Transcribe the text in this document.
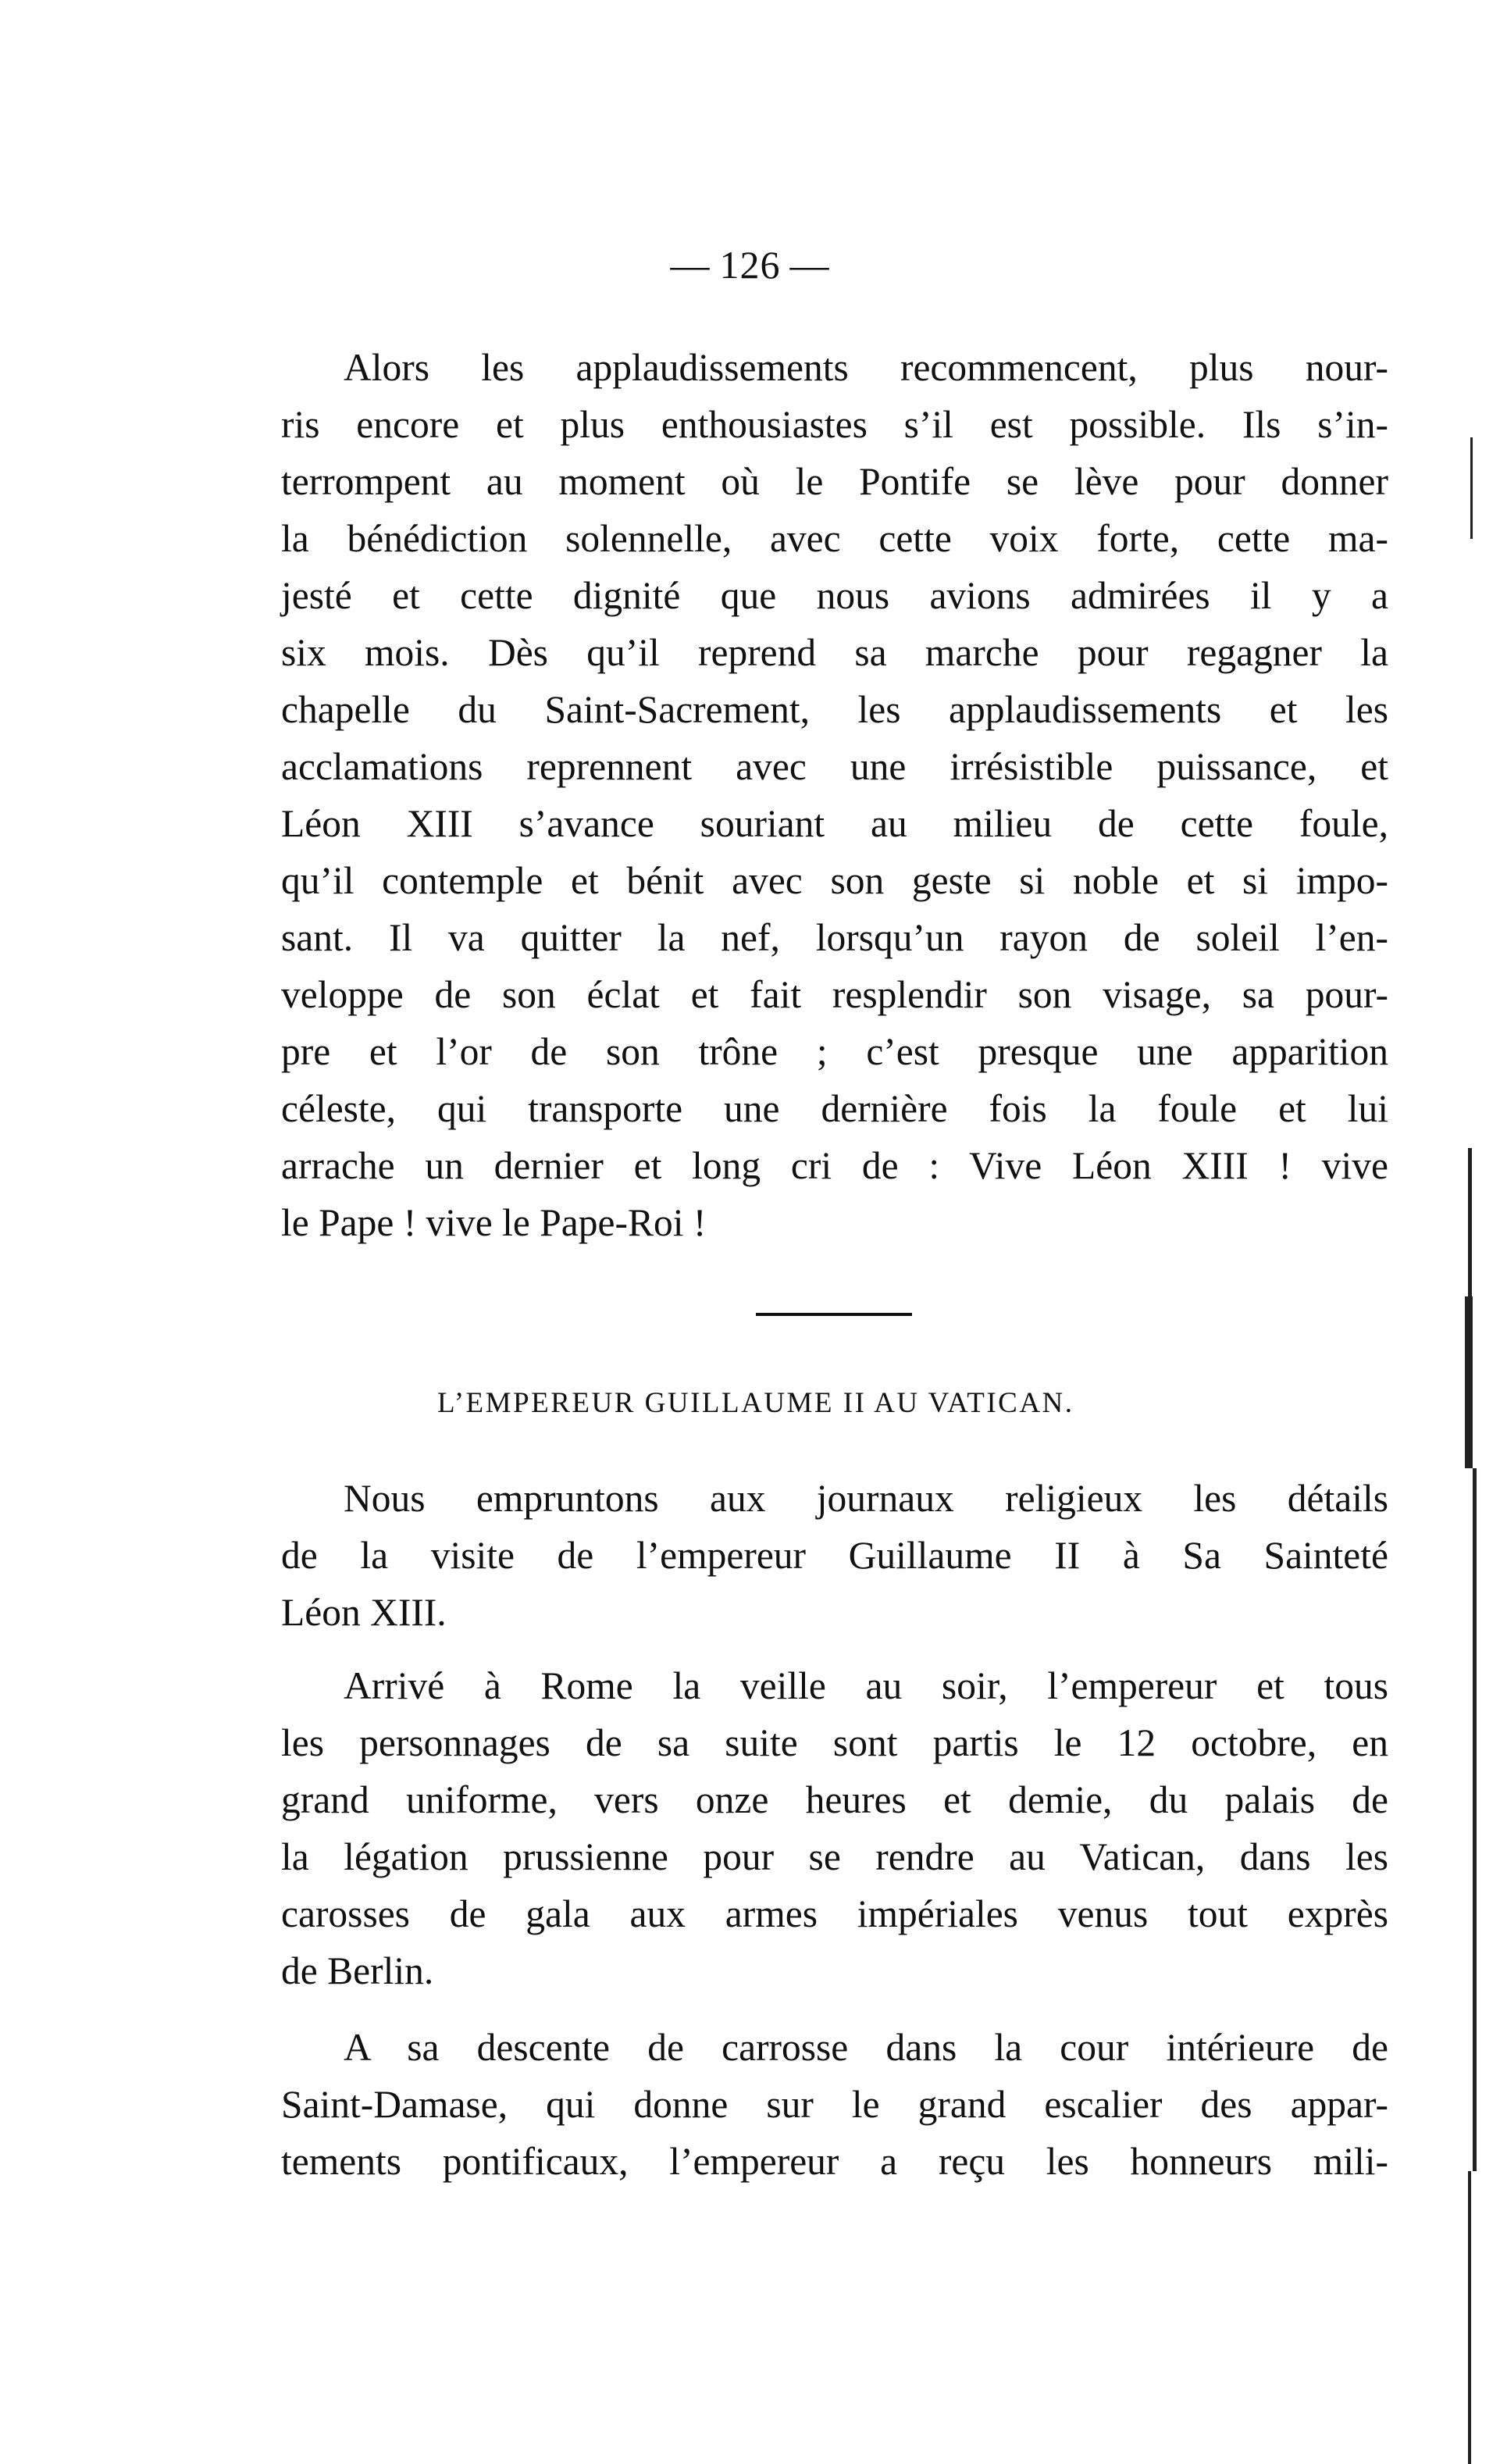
— 126 —
Alors les applaudissements recommencent, plus nour-
ris encore et plus enthousiastes s’il est possible. Ils s’in-
terrompent au moment où le Pontife se lève pour donner
la bénédiction solennelle, avec cette voix forte, cette ma-
jesté et cette dignité que nous avions admirées il y a
six mois. Dès qu’il reprend sa marche pour regagner la
chapelle du Saint-Sacrement, les applaudissements et les
acclamations reprennent avec une irrésistible puissance, et
Léon XIII s’avance souriant au milieu de cette foule,
qu’il contemple et bénit avec son geste si noble et si impo-
sant. Il va quitter la nef, lorsqu’un rayon de soleil l’en-
veloppe de son éclat et fait resplendir son visage, sa pour-
pre et l’or de son trône ; c’est presque une apparition
céleste, qui transporte une dernière fois la foule et lui
arrache un dernier et long cri de : Vive Léon XIII ! vive
le Pape ! vive le Pape-Roi !
L’EMPEREUR GUILLAUME II AU VATICAN.
Nous empruntons aux journaux religieux les détails
de la visite de l’empereur Guillaume II à Sa Sainteté
Léon XIII.
Arrivé à Rome la veille au soir, l’empereur et tous
les personnages de sa suite sont partis le 12 octobre, en
grand uniforme, vers onze heures et demie, du palais de
la légation prussienne pour se rendre au Vatican, dans les
carosses de gala aux armes impériales venus tout exprès
de Berlin.
A sa descente de carrosse dans la cour intérieure de
Saint-Damase, qui donne sur le grand escalier des appar-
tements pontificaux, l’empereur a reçu les honneurs mili-
